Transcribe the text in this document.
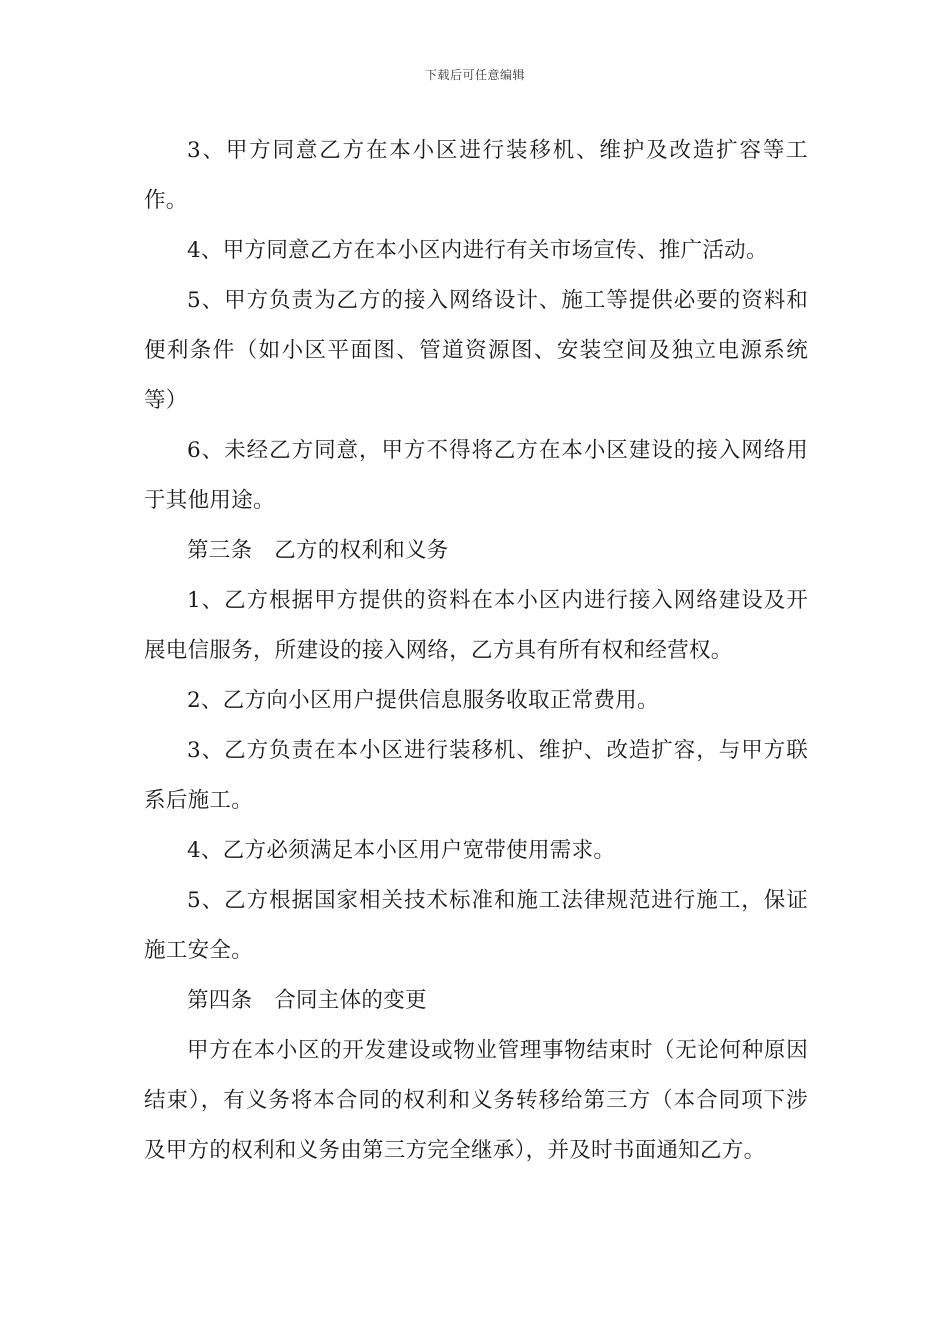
下载后可任意编辑

3、甲方同意乙方在本小区进行装移机、维护及改造扩容等工作。

4、甲方同意乙方在本小区内进行有关市场宣传、推广活动。

5、甲方负责为乙方的接入网络设计、施工等提供必要的资料和便利条件（如小区平面图、管道资源图、安装空间及独立电源系统等）

6、未经乙方同意，甲方不得将乙方在本小区建设的接入网络用于其他用途。

第三条　乙方的权利和义务

1、乙方根据甲方提供的资料在本小区内进行接入网络建设及开展电信服务，所建设的接入网络，乙方具有所有权和经营权。

2、乙方向小区用户提供信息服务收取正常费用。

3、乙方负责在本小区进行装移机、维护、改造扩容，与甲方联系后施工。

4、乙方必须满足本小区用户宽带使用需求。

5、乙方根据国家相关技术标准和施工法律规范进行施工，保证施工安全。

第四条　合同主体的变更

甲方在本小区的开发建设或物业管理事物结束时（无论何种原因结束），有义务将本合同的权利和义务转移给第三方（本合同项下涉及甲方的权利和义务由第三方完全继承），并及时书面通知乙方。
